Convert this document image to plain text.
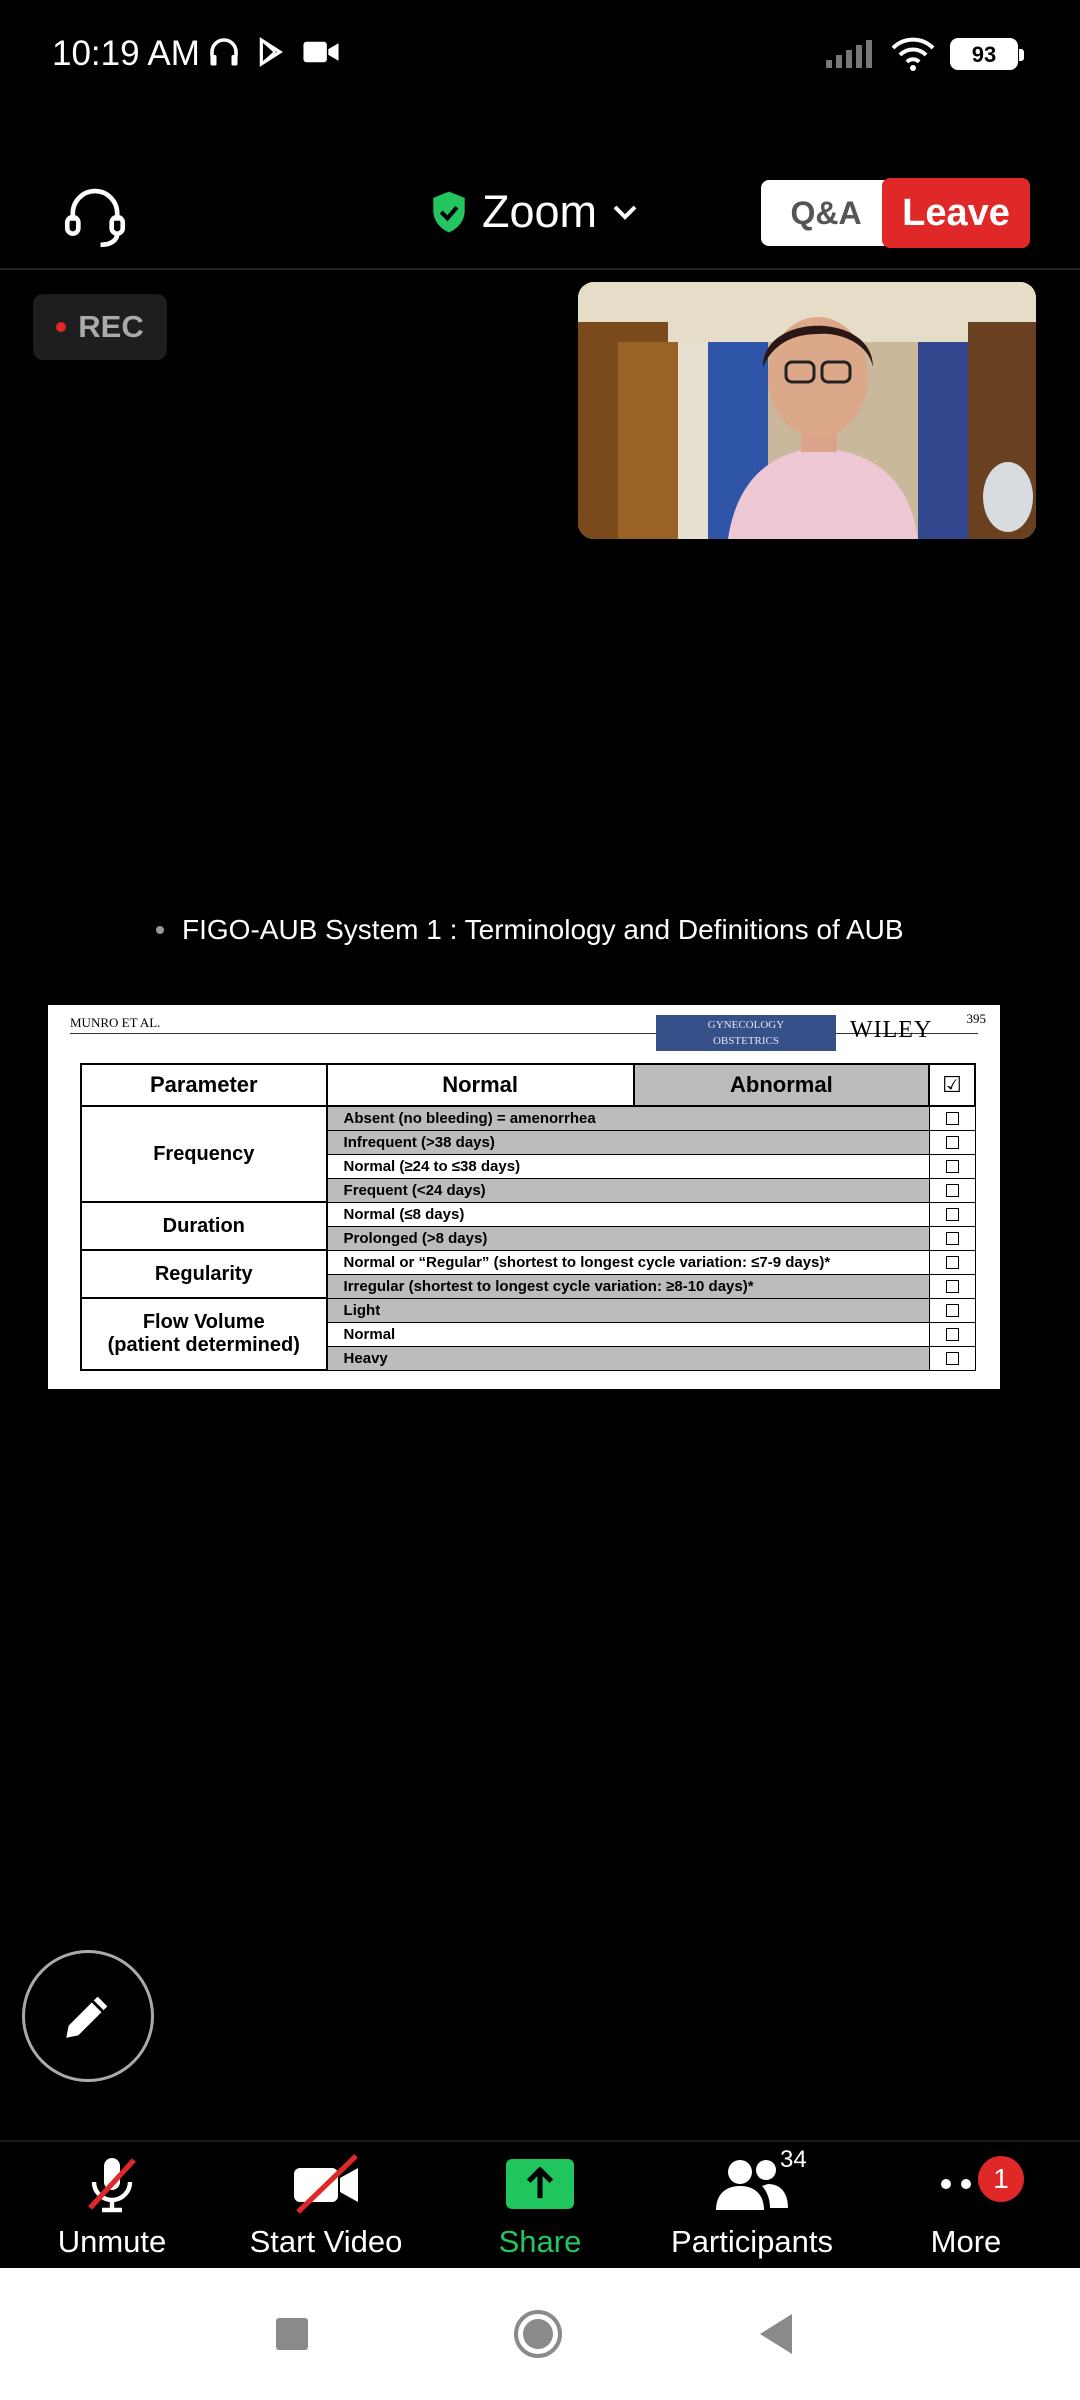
10:19 AM	93
Zoom	Q&A	Leave
REC
FIGO-AUB System 1 : Terminology and Definitions of AUB
MUNRO ET AL.	GYNECOLOGY
OBSTETRICS	WILEY	395
Parameter	Normal	Abnormal	☑
Frequency	Absent (no bleeding) = amenorrhea		
	Infrequent (>38 days)		
	Normal (≥24 to ≤38 days)		
	Frequent (<24 days)		
Duration	Normal (≤8 days)		
	Prolonged (>8 days)		
Regularity	Normal or “Regular” (shortest to longest cycle variation: ≤7-9 days)*		
	Irregular (shortest to longest cycle variation: ≥8-10 days)*		
Flow Volume
(patient determined)	Light		
	Normal		
	Heavy		
Unmute	Start Video	Share
34
Participants
1
More
